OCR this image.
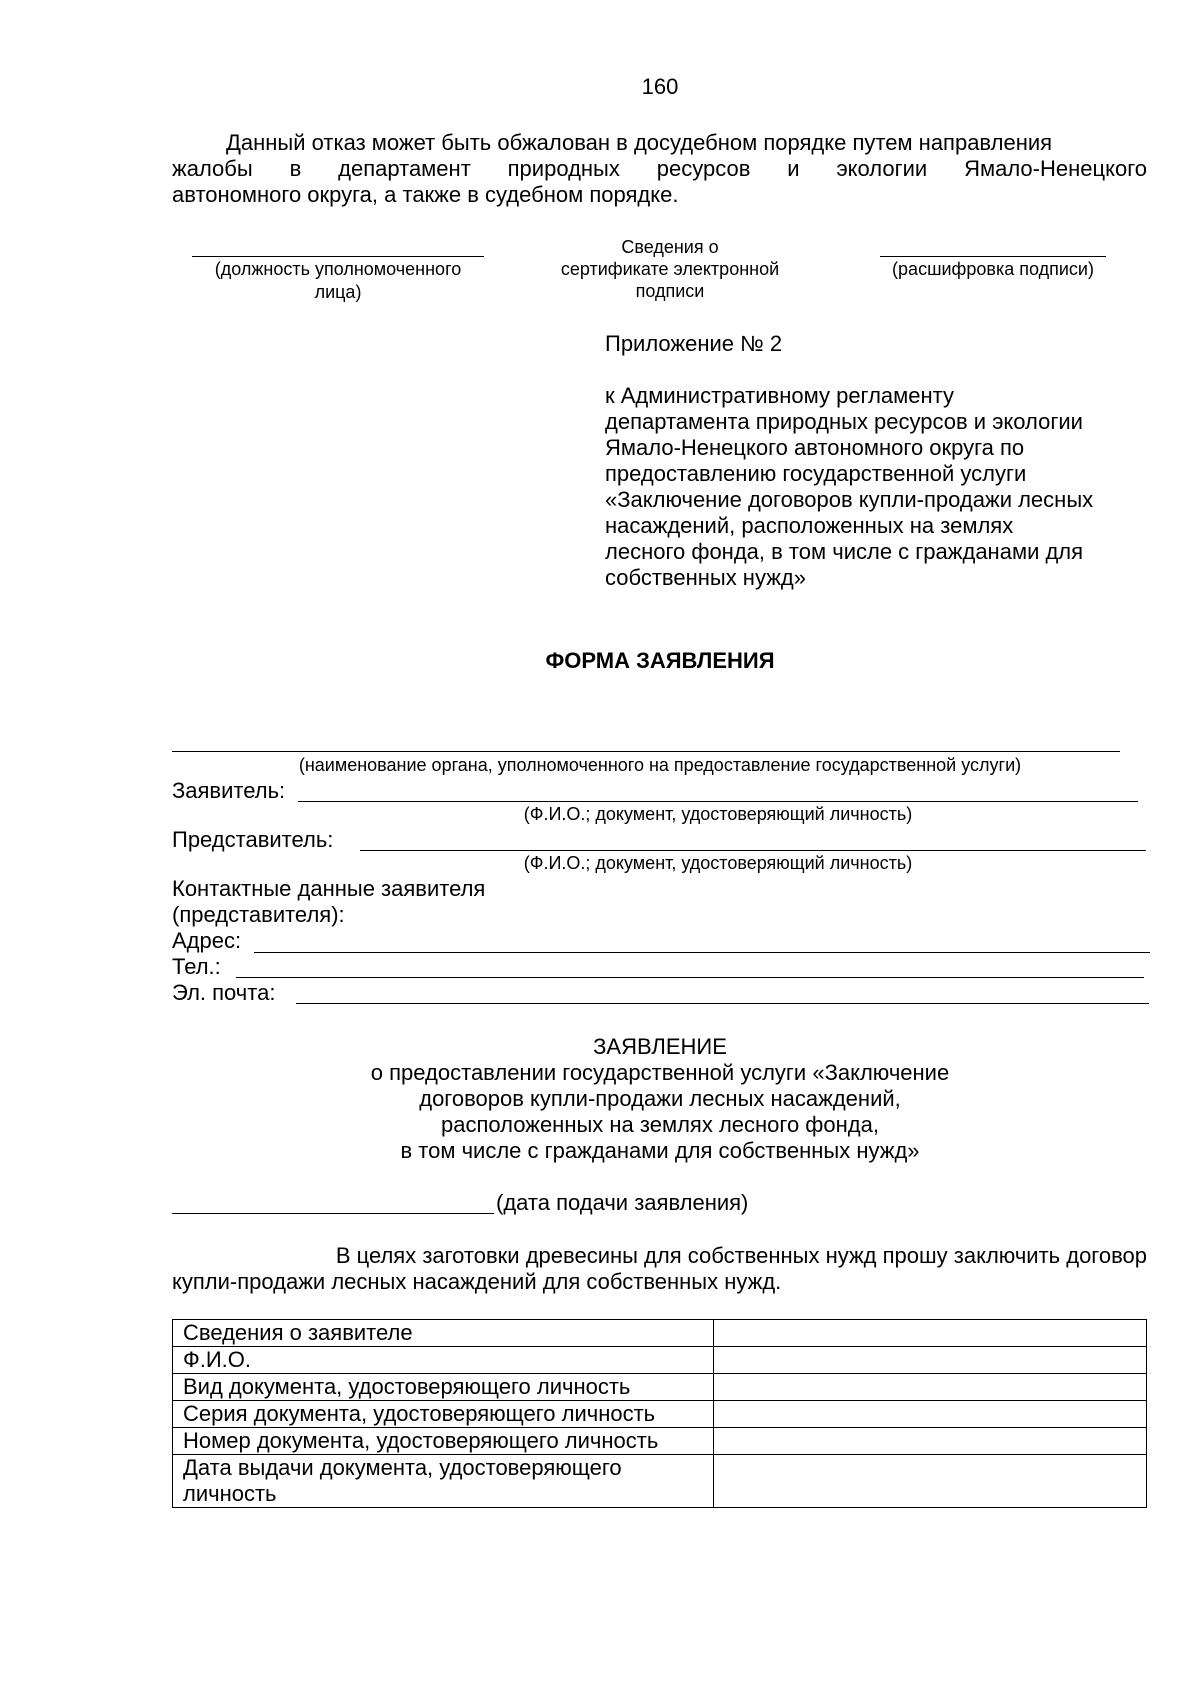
160
Данный отказ может быть обжалован в досудебном порядке путем направления
жалобы в департамент природных ресурсов и экологии Ямало-Ненецкого
автономного округа, а также в судебном порядке.
(должность уполномоченного
лица)
Сведения о
сертификате электронной
подписи
(расшифровка подписи)
Приложение № 2
к Административному регламенту
департамента природных ресурсов и экологии
Ямало-Ненецкого автономного округа по
предоставлению государственной услуги
«Заключение договоров купли-продажи лесных
насаждений, расположенных на землях
лесного фонда, в том числе с гражданами для
собственных нужд»
ФОРМА ЗАЯВЛЕНИЯ
(наименование органа, уполномоченного на предоставление государственной услуги)
Заявитель:
(Ф.И.О.; документ, удостоверяющий личность)
Представитель:
(Ф.И.О.; документ, удостоверяющий личность)
Контактные данные заявителя
(представителя):
Адрес:
Тел.:
Эл. почта:
ЗАЯВЛЕНИЕ
о предоставлении государственной услуги «Заключение
договоров купли-продажи лесных насаждений,
расположенных на землях лесного фонда,
в том числе с гражданами для собственных нужд»
(дата подачи заявления)
В целях заготовки древесины для собственных нужд прошу заключить договор
купли-продажи лесных насаждений для собственных нужд.
Сведения о заявителе	
Ф.И.О.	
Вид документа, удостоверяющего личность	
Серия документа, удостоверяющего личность	
Номер документа, удостоверяющего личность	
Дата выдачи документа, удостоверяющего личность	
